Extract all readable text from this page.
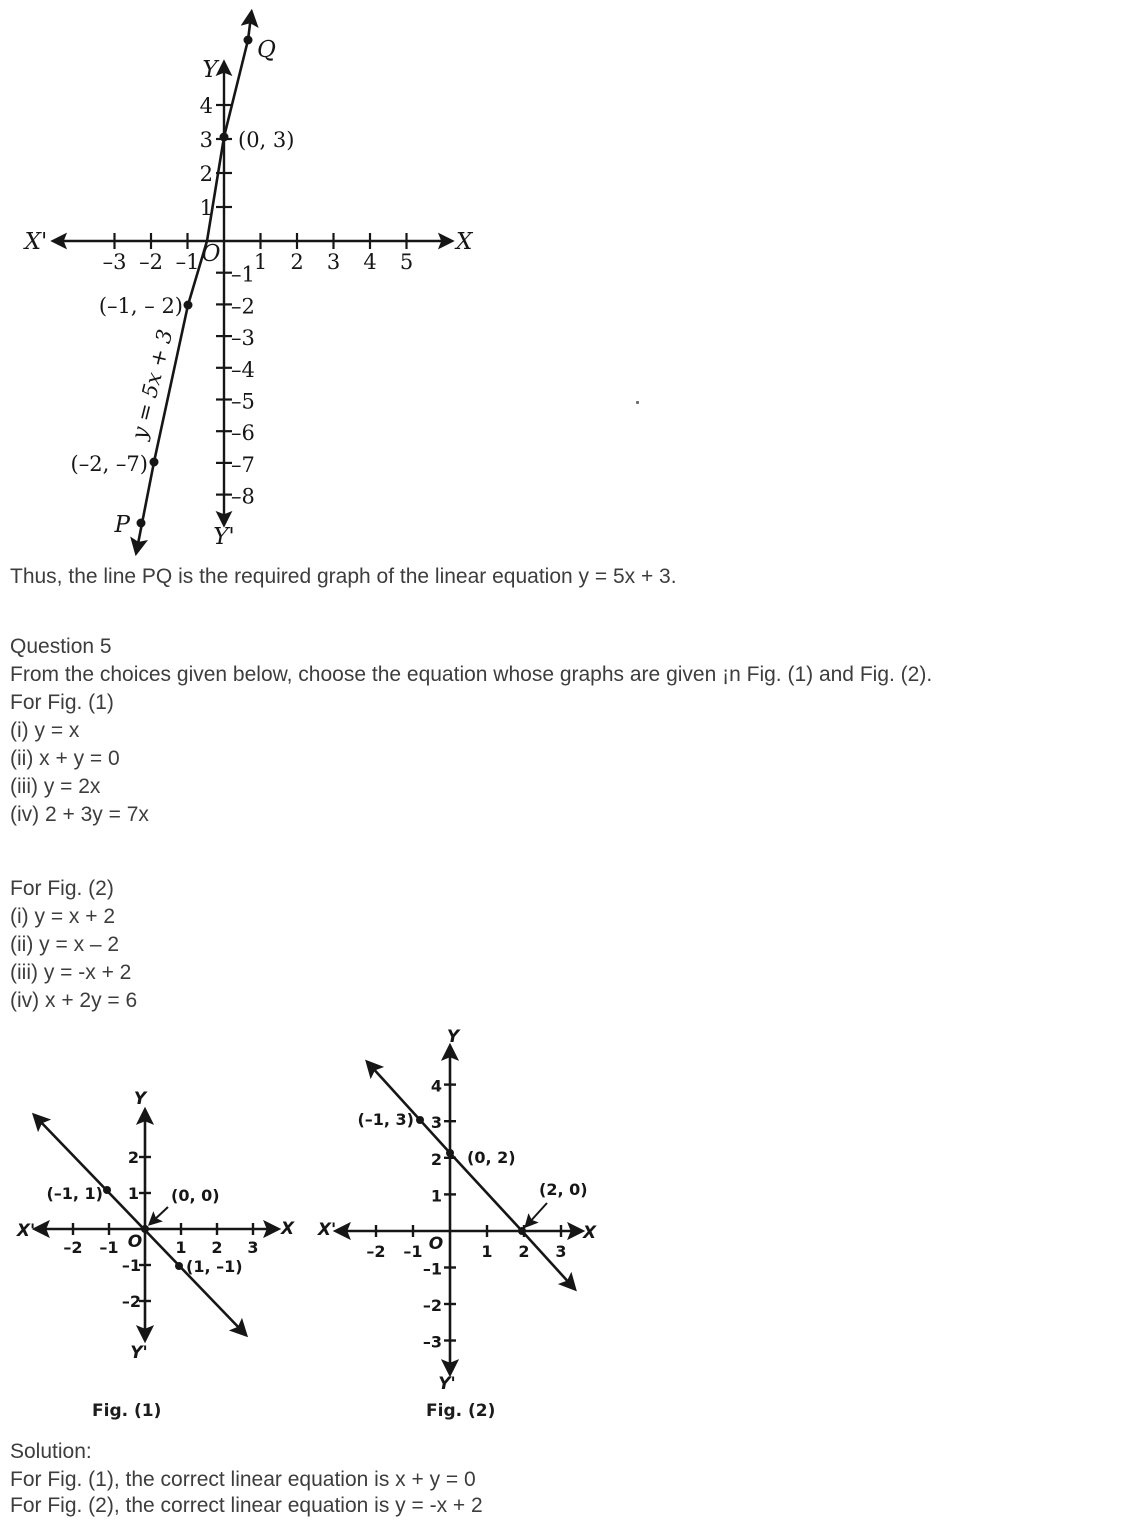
–3 –2 –1	1 2 3 4 5
4
3
2
1
–1
–2
–3
–4
–5
–6
–7
–8
X
X'
Y
Y'
O
Q
(0, 3)
(–1, – 2)
(–2, –7)
P
y = 5x + 3
Thus, the line PQ is the required graph of the linear equation y = 5x + 3.
Question 5
From the choices given below, choose the equation whose graphs are given ¡n Fig. (1) and Fig. (2).
For Fig. (1)
(i) y = x
(ii) x + y = 0
(iii) y = 2x
(iv) 2 + 3y = 7x
For Fig. (2)
(i) y = x + 2
(ii) y = x – 2
(iii) y = -x + 2
(iv) x + 2y = 6
–2 –1	1 2 3
2
1
–1
–2
X
X'
Y
Y'
O
(–1, 1)	(0, 0)
(1, –1)
–2 –1	1 2 3
4
3
2
1
–1
–2
–3
X
X'
Y
Y'
O
(–1, 3)
(0, 2)
(2, 0)
Fig. (1)	Fig. (2)
Solution:
For Fig. (1), the correct linear equation is x + y = 0
For Fig. (2), the correct linear equation is y = -x + 2
